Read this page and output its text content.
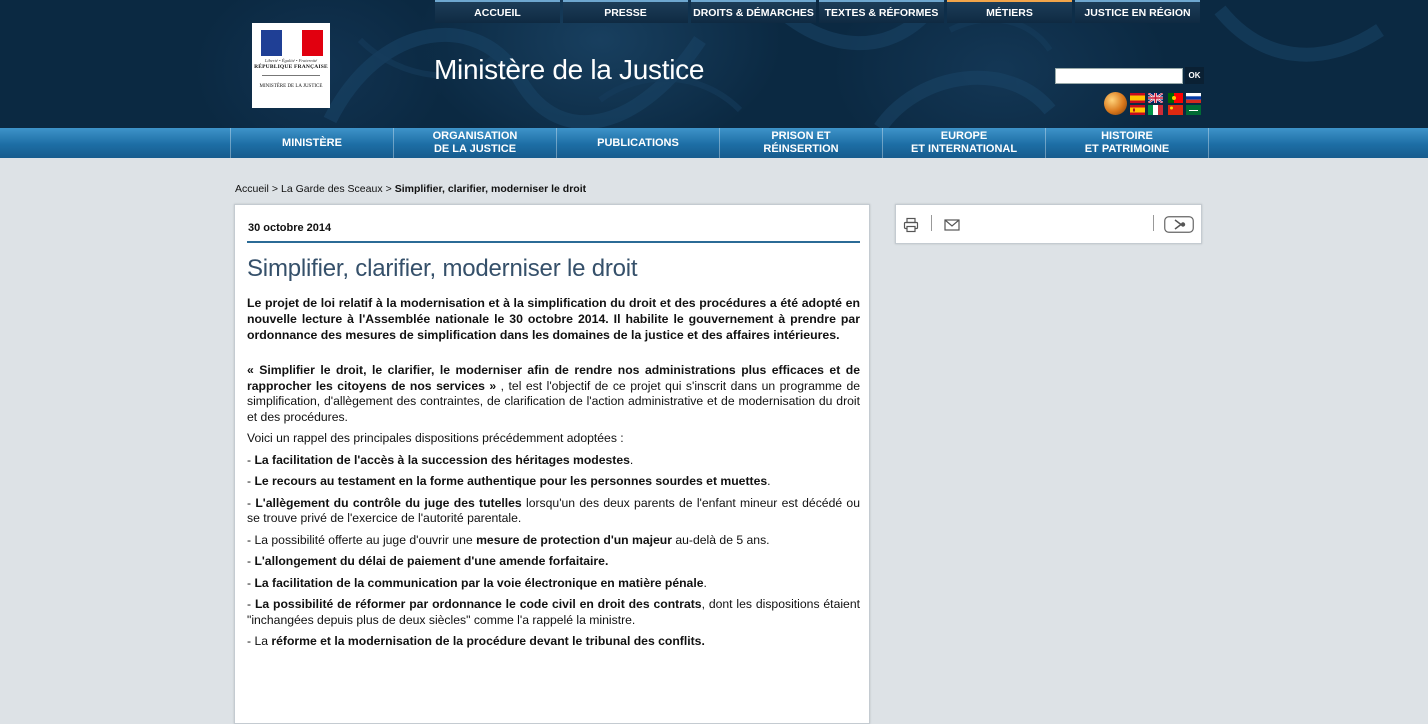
Liberté • Égalité • Fraternité
RÉPUBLIQUE FRANÇAISE
MINISTÈRE DE LA JUSTICE
ACCUEIL	PRESSE	DROITS & DÉMARCHES	TEXTES & RÉFORMES	MÉTIERS	JUSTICE EN RÉGION
Ministère de la Justice	OK
MINISTÈRE
ORGANISATION
DE LA JUSTICE
PUBLICATIONS
PRISON ET
RÉINSERTION
EUROPE
ET INTERNATIONAL
HISTOIRE
ET PATRIMOINE
Accueil > La Garde des Sceaux > Simplifier, clarifier, moderniser le droit
30 octobre 2014
Simplifier, clarifier, moderniser le droit

Le projet de loi relatif à la modernisation et à la simplification du droit et des procédures a été adopté en nouvelle lecture à l'Assemblée nationale le 30 octobre 2014. Il habilite le gouvernement à prendre par ordonnance des mesures de simplification dans les domaines de la justice et des affaires intérieures.

« Simplifier le droit, le clarifier, le moderniser afin de rendre nos administrations plus efficaces et de rapprocher les citoyens de nos services » , tel est l'objectif de ce projet qui s'inscrit dans un programme de simplification, d'allègement des contraintes, de clarification de l'action administrative et de modernisation du droit et des procédures.

Voici un rappel des principales dispositions précédemment adoptées :

- La facilitation de l'accès à la succession des héritages modestes.

- Le recours au testament en la forme authentique pour les personnes sourdes et muettes.

- L'allègement du contrôle du juge des tutelles lorsqu'un des deux parents de l'enfant mineur est décédé ou se trouve privé de l'exercice de l'autorité parentale.

- La possibilité offerte au juge d'ouvrir une mesure de protection d'un majeur au-delà de 5 ans.

- L'allongement du délai de paiement d'une amende forfaitaire.

- La facilitation de la communication par la voie électronique en matière pénale.

- La possibilité de réformer par ordonnance le code civil en droit des contrats, dont les dispositions étaient "inchangées depuis plus de deux siècles" comme l'a rappelé la ministre.

- La réforme et la modernisation de la procédure devant le tribunal des conflits.
